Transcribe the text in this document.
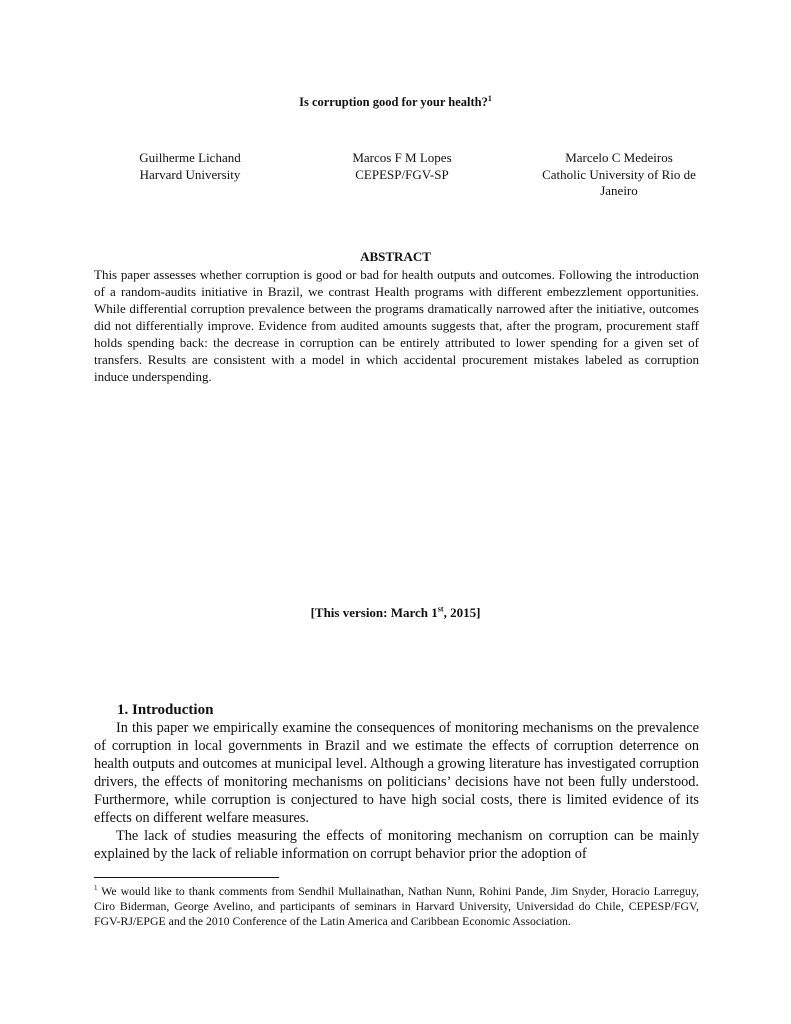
Is corruption good for your health?$^1$
Guilherme Lichand
Harvard University
Marcos F M Lopes
CEPESP/FGV-SP
Marcelo C Medeiros
Catholic University of Rio de Janeiro
ABSTRACT

This paper assesses whether corruption is good or bad for health outputs and outcomes. Following the introduction of a random-audits initiative in Brazil, we contrast Health programs with different embezzlement opportunities. While differential corruption prevalence between the programs dramatically narrowed after the initiative, outcomes did not differentially improve. Evidence from audited amounts suggests that, after the program, procurement staff holds spending back: the decrease in corruption can be entirely attributed to lower spending for a given set of transfers. Results are consistent with a model in which accidental procurement mistakes labeled as corruption induce underspending.

[This version: March 1st, 2015]
1. Introduction

In this paper we empirically examine the consequences of monitoring mechanisms on the prevalence of corruption in local governments in Brazil and we estimate the effects of corruption deterrence on health outputs and outcomes at municipal level. Although a growing literature has investigated corruption drivers, the effects of monitoring mechanisms on politicians’ decisions have not been fully understood. Furthermore, while corruption is conjectured to have high social costs, there is limited evidence of its effects on different welfare measures.

The lack of studies measuring the effects of monitoring mechanism on corruption can be mainly explained by the lack of reliable information on corrupt behavior prior the adoption of

$^1$ We would like to thank comments from Sendhil Mullainathan, Nathan Nunn, Rohini Pande, Jim Snyder, Horacio Larreguy, Ciro Biderman, George Avelino, and participants of seminars in Harvard University, Universidad do Chile, CEPESP/FGV, FGV-RJ/EPGE and the 2010 Conference of the Latin America and Caribbean Economic Association.
